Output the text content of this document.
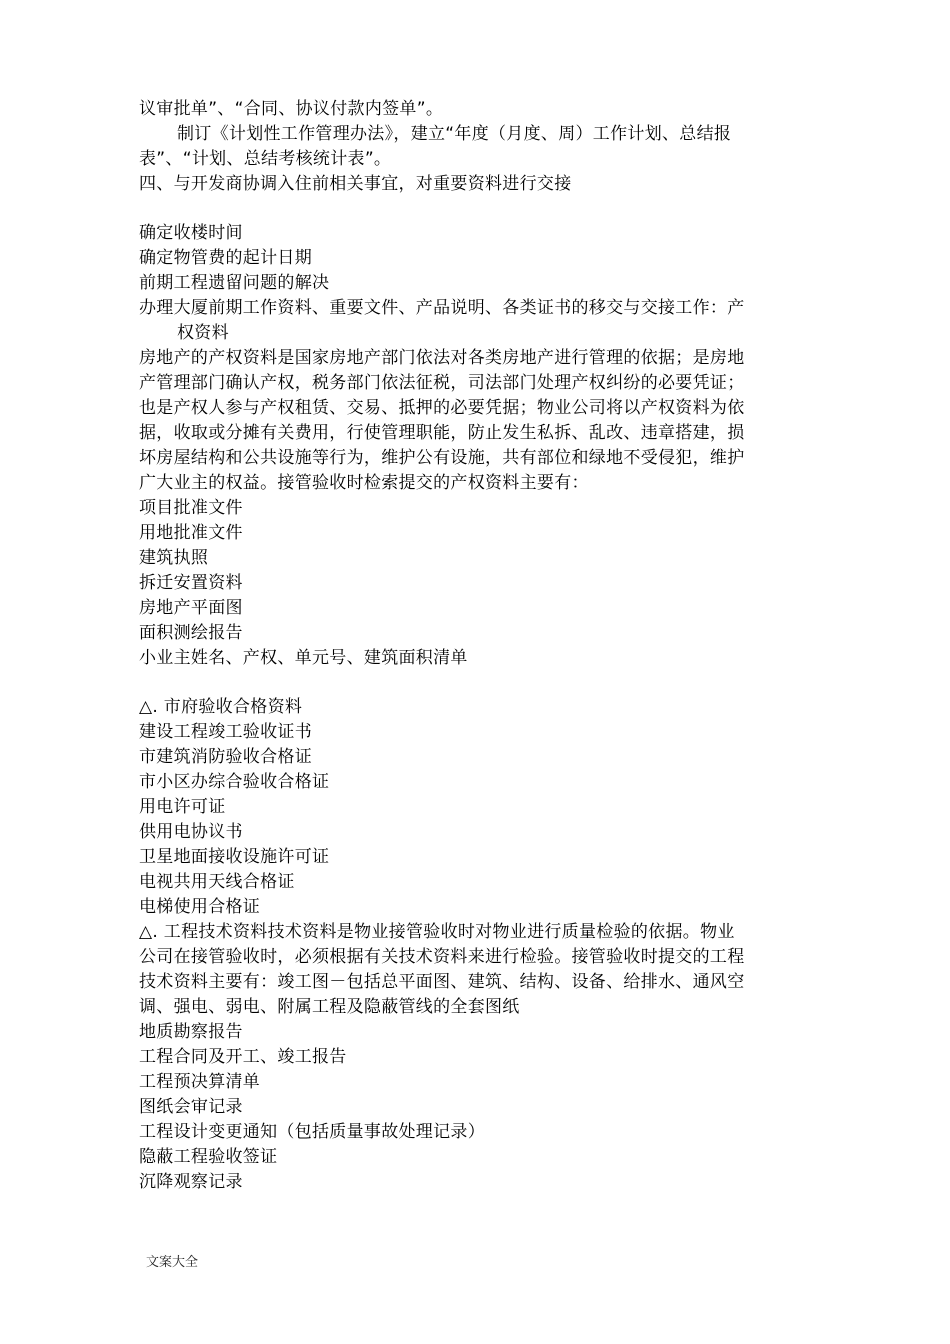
议审批单”、“合同、协议付款内签单”。
制订《计划性工作管理办法》，建立“年度（月度、周）工作计划、总结报
表”、“计划、总结考核统计表”。
四、与开发商协调入住前相关事宜，对重要资料进行交接
确定收楼时间
确定物管费的起计日期
前期工程遗留问题的解决
办理大厦前期工作资料、重要文件、产品说明、各类证书的移交与交接工作：产
权资料
房地产的产权资料是国家房地产部门依法对各类房地产进行管理的依据；是房地
产管理部门确认产权，税务部门依法征税，司法部门处理产权纠纷的必要凭证；
也是产权人参与产权租赁、交易、抵押的必要凭据；物业公司将以产权资料为依
据，收取或分摊有关费用，行使管理职能，防止发生私拆、乱改、违章搭建，损
坏房屋结构和公共设施等行为，维护公有设施，共有部位和绿地不受侵犯，维护
广大业主的权益。接管验收时检索提交的产权资料主要有：
项目批准文件
用地批准文件
建筑执照
拆迁安置资料
房地产平面图
面积测绘报告
小业主姓名、产权、单元号、建筑面积清单
△. 市府验收合格资料
建设工程竣工验收证书
市建筑消防验收合格证
市小区办综合验收合格证
用电许可证
供用电协议书
卫星地面接收设施许可证
电视共用天线合格证
电梯使用合格证
△. 工程技术资料技术资料是物业接管验收时对物业进行质量检验的依据。物业
公司在接管验收时，必须根据有关技术资料来进行检验。接管验收时提交的工程
技术资料主要有：竣工图－包括总平面图、建筑、结构、设备、给排水、通风空
调、强电、弱电、附属工程及隐蔽管线的全套图纸
地质勘察报告
工程合同及开工、竣工报告
工程预决算清单
图纸会审记录
工程设计变更通知（包括质量事故处理记录）
隐蔽工程验收签证
沉降观察记录
文案大全
